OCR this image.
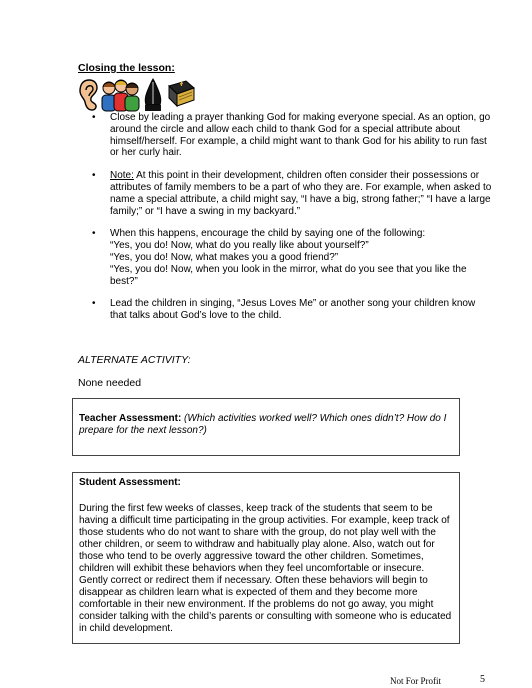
Closing the lesson:
• Close by leading a prayer thanking God for making everyone special. As an option, go around the circle and allow each child to thank God for a special attribute about himself/herself. For example, a child might want to thank God for his ability to run fast or her curly hair.

• Note: At this point in their development, children often consider their possessions or attributes of family members to be a part of who they are. For example, when asked to name a special attribute, a child might say, “I have a big, strong father;” “I have a large family;” or “I have a swing in my backyard.”

• When this happens, encourage the child by saying one of the following:

“Yes, you do! Now, what do you really like about yourself?”

“Yes, you do! Now, what makes you a good friend?”

“Yes, you do! Now, when you look in the mirror, what do you see that you like the best?”

• Lead the children in singing, “Jesus Loves Me” or another song your children know that talks about God’s love to the child.

ALTERNATE ACTIVITY:
None needed
Teacher Assessment: (Which activities worked well? Which ones didn’t? How do I prepare for the next lesson?)
Student Assessment:
During the first few weeks of classes, keep track of the students that seem to be having a difficult time participating in the group activities. For example, keep track of those students who do not want to share with the group, do not play well with the other children, or seem to withdraw and habitually play alone. Also, watch out for those who tend to be overly aggressive toward the other children. Sometimes, children will exhibit these behaviors when they feel uncomfortable or insecure. Gently correct or redirect them if necessary. Often these behaviors will begin to disappear as children learn what is expected of them and they become more comfortable in their new environment. If the problems do not go away, you might consider talking with the child’s parents or consulting with someone who is educated in child development.
Not For Profit	5
